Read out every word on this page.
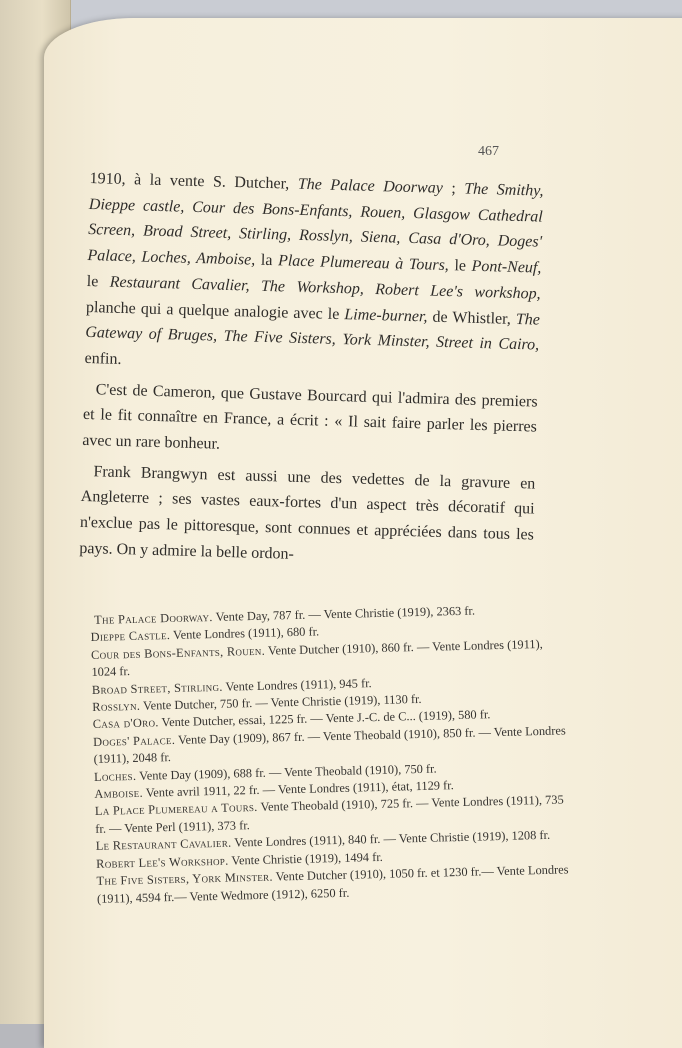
467

1910, à la vente S. Dutcher, The Palace Doorway ; The Smithy, Dieppe castle, Cour des Bons-Enfants, Rouen, Glasgow Cathedral Screen, Broad Street, Stirling, Rosslyn, Siena, Casa d'Oro, Doges' Palace, Loches, Amboise, la Place Plumereau à Tours, le Pont-Neuf, le Restaurant Cavalier, The Workshop, Robert Lee's workshop, planche qui a quelque analogie avec le Lime-burner, de Whistler, The Gateway of Bruges, The Five Sisters, York Minster, Street in Cairo, enfin.

C'est de Cameron, que Gustave Bourcard qui l'admira des premiers et le fit connaître en France, a écrit : « Il sait faire parler les pierres avec un rare bonheur.

Frank Brangwyn est aussi une des vedettes de la gravure en Angleterre ; ses vastes eaux-fortes d'un aspect très décoratif qui n'exclue pas le pittoresque, sont connues et appréciées dans tous les pays. On y admire la belle ordon-

The Palace Doorway. Vente Day, 787 fr. — Vente Christie (1919), 2363 fr.
Dieppe Castle. Vente Londres (1911), 680 fr.
Cour des Bons-Enfants, Rouen. Vente Dutcher (1910), 860 fr. — Vente Londres (1911), 1024 fr.
Broad Street, Stirling. Vente Londres (1911), 945 fr.
Rosslyn. Vente Dutcher, 750 fr. — Vente Christie (1919), 1130 fr.
Casa d'Oro. Vente Dutcher, essai, 1225 fr. — Vente J.-C. de C... (1919), 580 fr.
Doges' Palace. Vente Day (1909), 867 fr. — Vente Theobald (1910), 850 fr. — Vente Londres (1911), 2048 fr.
Loches. Vente Day (1909), 688 fr. — Vente Theobald (1910), 750 fr.
Amboise. Vente avril 1911, 22 fr. — Vente Londres (1911), état, 1129 fr.
La Place Plumereau a Tours. Vente Theobald (1910), 725 fr. — Vente Londres (1911), 735 fr. — Vente Perl (1911), 373 fr.
Le Restaurant Cavalier. Vente Londres (1911), 840 fr. — Vente Christie (1919), 1208 fr.
Robert Lee's Workshop. Vente Christie (1919), 1494 fr.
The Five Sisters, York Minster. Vente Dutcher (1910), 1050 fr. et 1230 fr.— Vente Londres (1911), 4594 fr.— Vente Wedmore (1912), 6250 fr.
